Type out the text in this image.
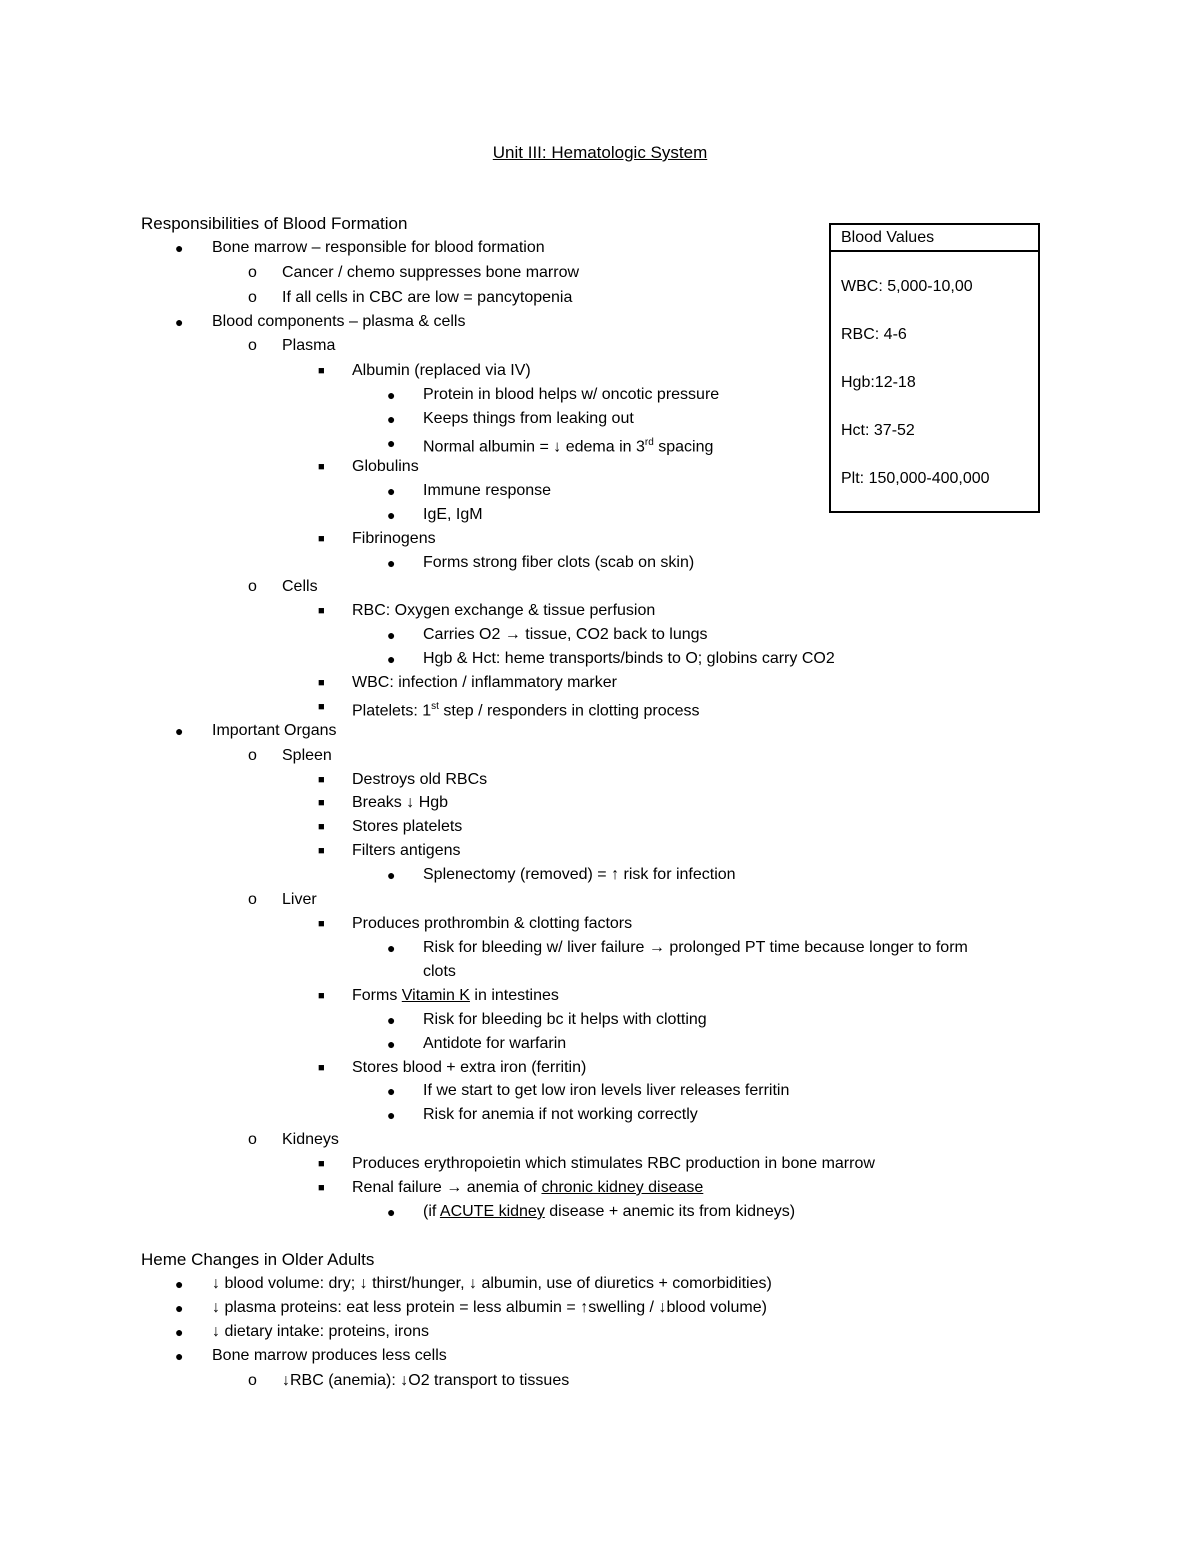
Unit III: Hematologic System
Responsibilities of Blood Formation
Blood Values
WBC: 5,000-10,00
RBC: 4-6
Hgb:12-18
Hct: 37-52
Plt: 150,000-400,000
● Bone marrow – responsible for blood formation
o Cancer / chemo suppresses bone marrow
o If all cells in CBC are low = pancytopenia
● Blood components – plasma & cells
o Plasma
■ Albumin (replaced via IV)
● Protein in blood helps w/ oncotic pressure
● Keeps things from leaking out
● Normal albumin = ↓ edema in 3rd spacing
■ Globulins
● Immune response
● IgE, IgM
■ Fibrinogens
● Forms strong fiber clots (scab on skin)
o Cells
■ RBC: Oxygen exchange & tissue perfusion
● Carries O2 → tissue, CO2 back to lungs
● Hgb & Hct: heme transports/binds to O; globins carry CO2
■ WBC: infection / inflammatory marker
■ Platelets: 1st step / responders in clotting process
● Important Organs
o Spleen
■ Destroys old RBCs
■ Breaks ↓ Hgb
■ Stores platelets
■ Filters antigens
● Splenectomy (removed) = ↑ risk for infection
o Liver
■ Produces prothrombin & clotting factors
● Risk for bleeding w/ liver failure → prolonged PT time because longer to form
clots
■ Forms Vitamin K in intestines
● Risk for bleeding bc it helps with clotting
● Antidote for warfarin
■ Stores blood + extra iron (ferritin)
● If we start to get low iron levels liver releases ferritin
● Risk for anemia if not working correctly
o Kidneys
■ Produces erythropoietin which stimulates RBC production in bone marrow
■ Renal failure → anemia of chronic kidney disease
● (if ACUTE kidney disease + anemic its from kidneys)
Heme Changes in Older Adults
● ↓ blood volume: dry; ↓ thirst/hunger, ↓ albumin, use of diuretics + comorbidities)
● ↓ plasma proteins: eat less protein = less albumin = ↑swelling / ↓blood volume)
● ↓ dietary intake: proteins, irons
● Bone marrow produces less cells
o ↓RBC (anemia): ↓O2 transport to tissues
